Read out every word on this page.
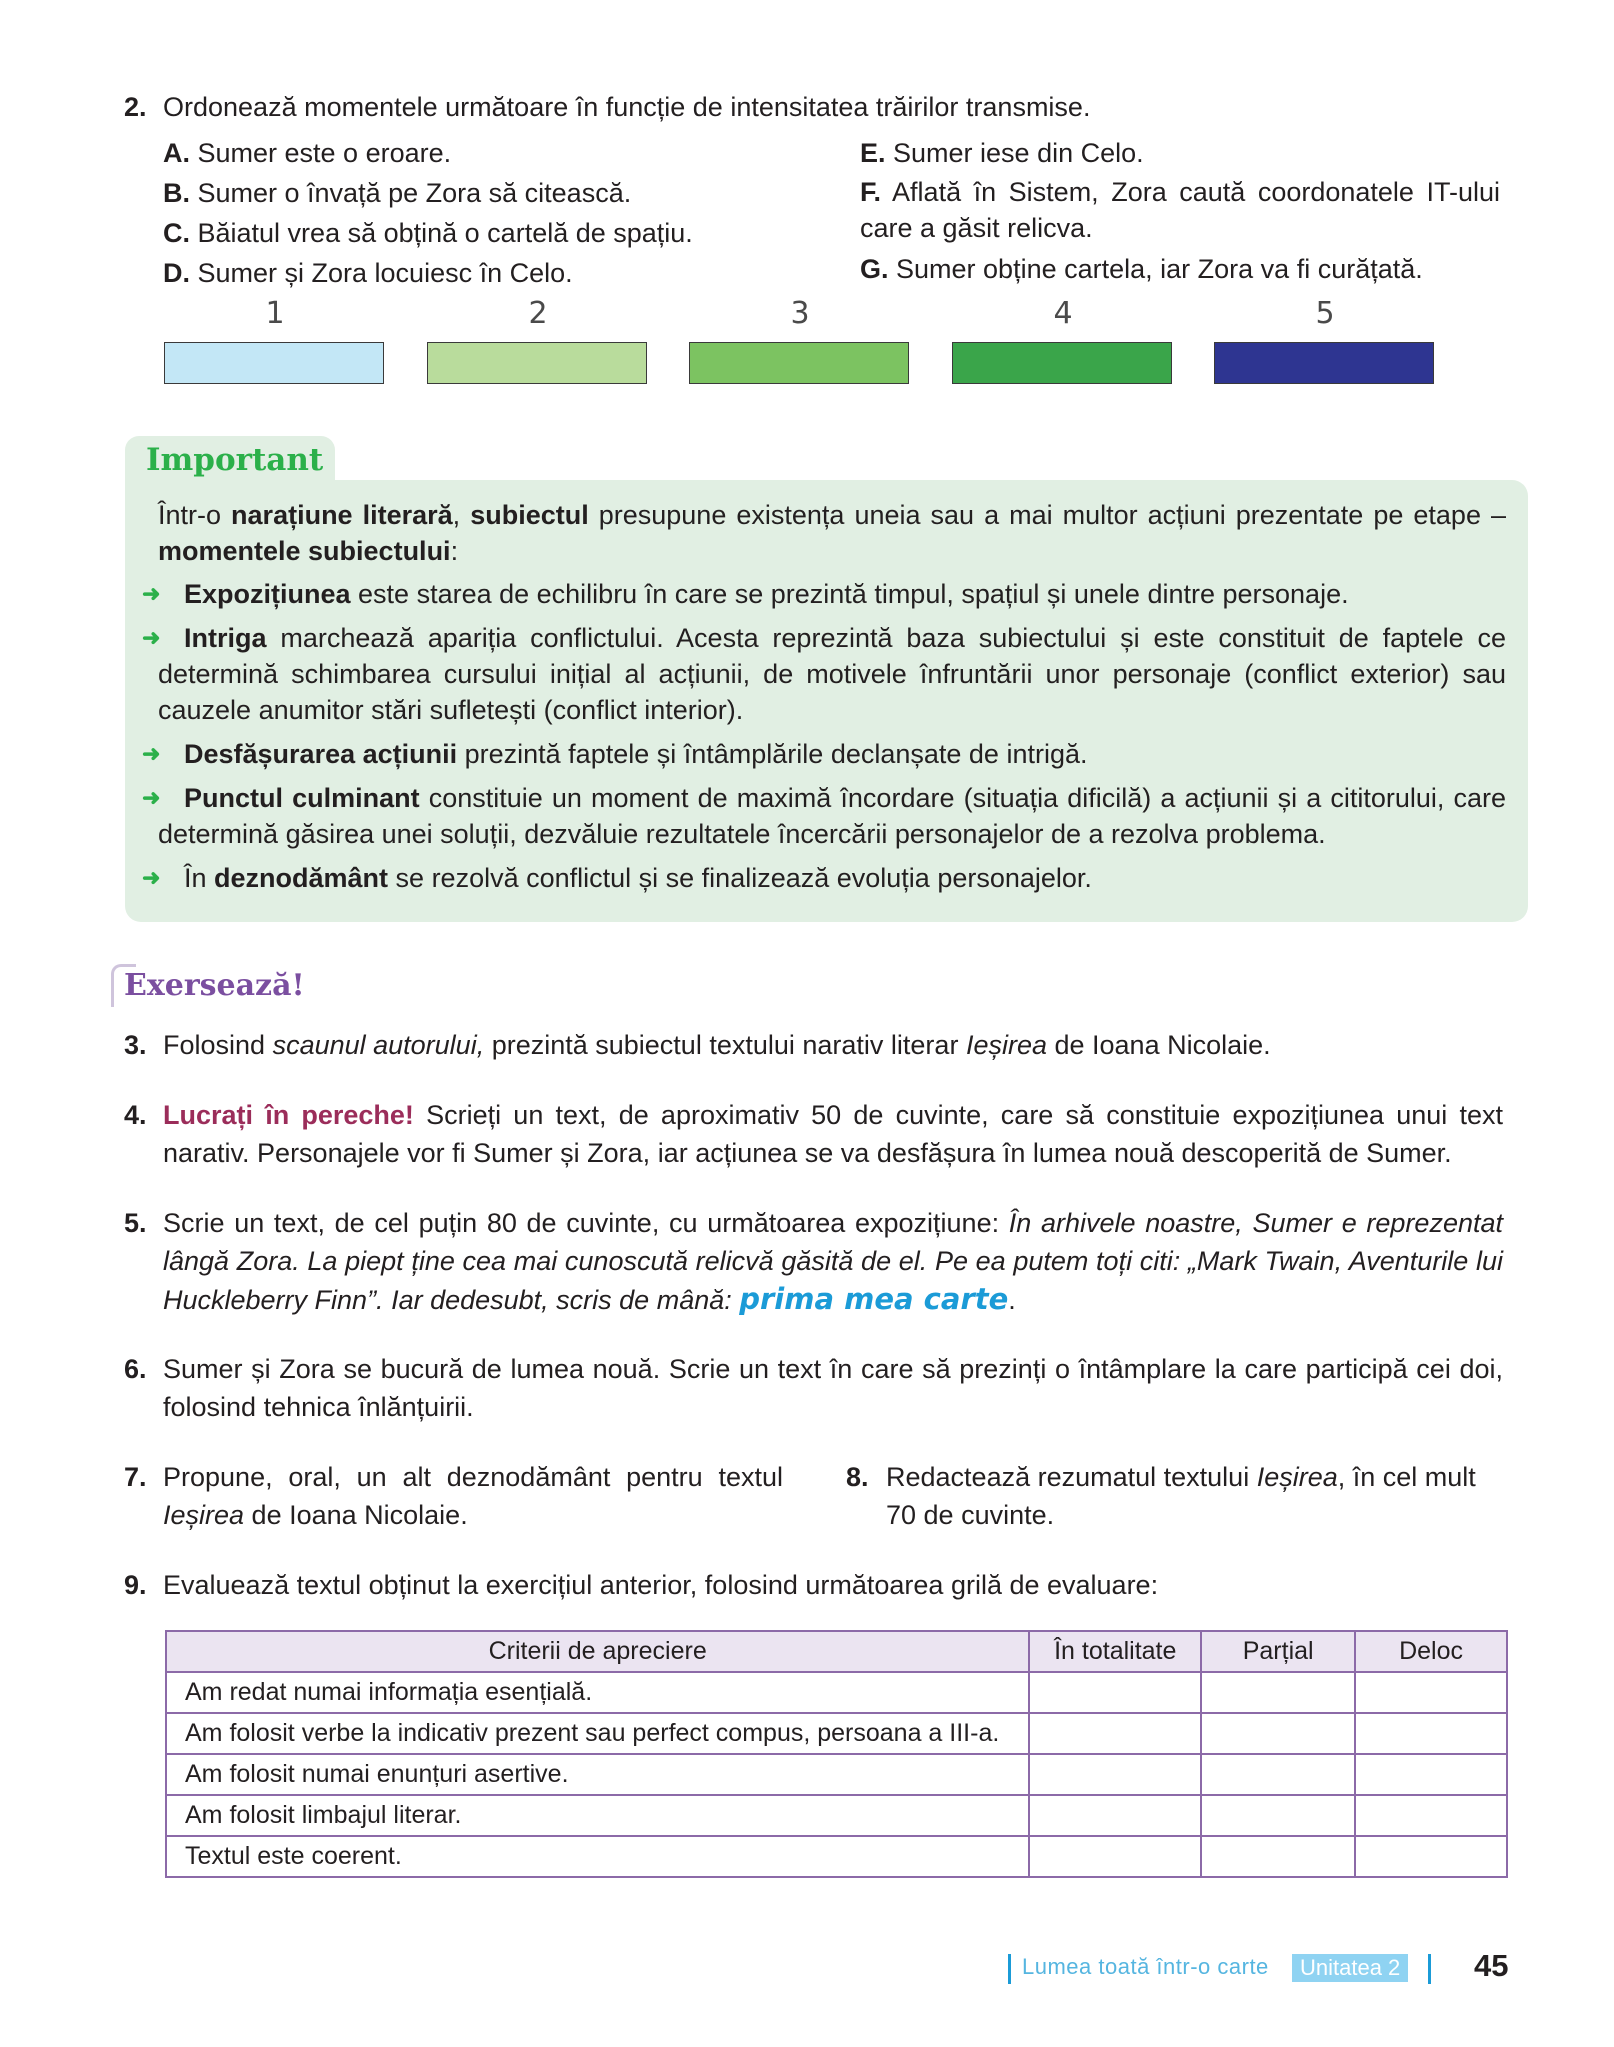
2. Ordonează momentele următoare în funcție de intensitatea trăirilor transmise.
A. Sumer este o eroare.
B. Sumer o învață pe Zora să citească.
C. Băiatul vrea să obțină o cartelă de spațiu.
D. Sumer și Zora locuiesc în Celo.
E. Sumer iese din Celo.
F. Aflată în Sistem, Zora caută coordonatele IT-ului care a găsit relicva.
G. Sumer obține cartela, iar Zora va fi curățată.
1	2	3	4	5
Important
Într-o narațiune literară, subiectul presupune existența uneia sau a mai multor acțiuni prezentate pe etape – momentele subiectului:
➜ Expozițiunea este starea de echilibru în care se prezintă timpul, spațiul și unele dintre personaje.
➜ Intriga marchează apariția conflictului. Acesta reprezintă baza subiectului și este constituit de faptele ce determină schimbarea cursului inițial al acțiunii, de motivele înfruntării unor personaje (conflict exterior) sau cauzele anumitor stări sufletești (conflict interior).
➜ Desfășurarea acțiunii prezintă faptele și întâmplările declanșate de intrigă.
➜ Punctul culminant constituie un moment de maximă încordare (situația dificilă) a acțiunii și a cititorului, care determină găsirea unei soluții, dezvăluie rezultatele încercării personajelor de a rezolva problema.
➜ În deznodământ se rezolvă conflictul și se finalizează evoluția personajelor.
Exersează!
3. Folosind scaunul autorului, prezintă subiectul textului narativ literar Ieșirea de Ioana Nicolaie.
4. Lucrați în pereche! Scrieți un text, de aproximativ 50 de cuvinte, care să constituie expozițiunea unui text narativ. Personajele vor fi Sumer și Zora, iar acțiunea se va desfășura în lumea nouă descoperită de Sumer.
5. Scrie un text, de cel puțin 80 de cuvinte, cu următoarea expozițiune: În arhivele noastre, Sumer e reprezentat lângă Zora. La piept ține cea mai cunoscută relicvă găsită de el. Pe ea putem toți citi: „Mark Twain, Aventurile lui Huckleberry Finn”. Iar dedesubt, scris de mână: prima mea carte.
6. Sumer și Zora se bucură de lumea nouă. Scrie un text în care să prezinți o întâmplare la care participă cei doi, folosind tehnica înlănțuirii.
7. Propune, oral, un alt deznodământ pentru textul Ieșirea de Ioana Nicolaie.
8. Redactează rezumatul textului Ieșirea, în cel mult 70 de cuvinte.
9. Evaluează textul obținut la exercițiul anterior, folosind următoarea grilă de evaluare:
Criterii de apreciere	În totalitate	Parțial	Deloc
Am redat numai informația esențială.			
Am folosit verbe la indicativ prezent sau perfect compus, persoana a III-a.			
Am folosit numai enunțuri asertive.			
Am folosit limbajul literar.			
Textul este coerent.			
Lumea toată într-o carte	Unitatea 2 45
